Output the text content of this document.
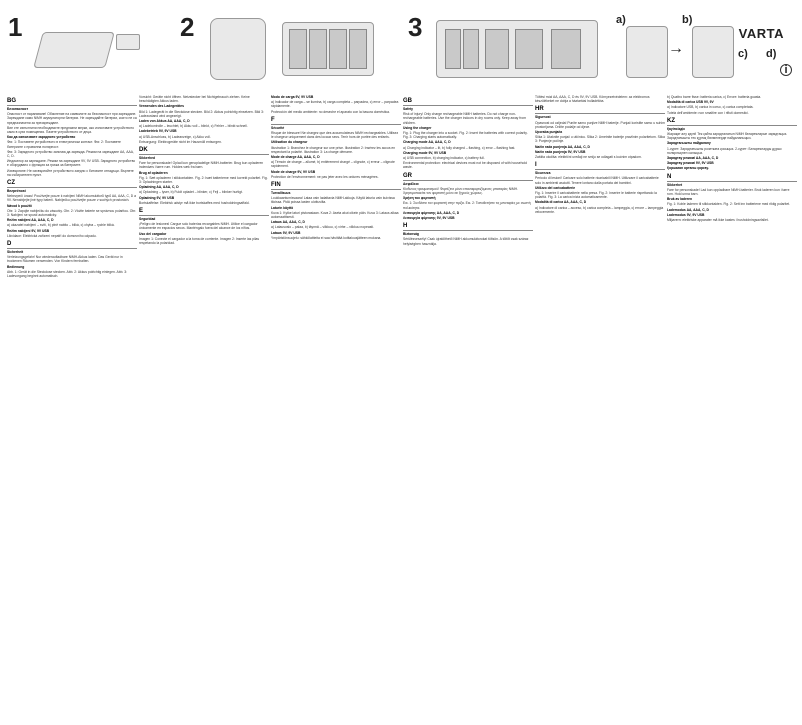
1	2	3	a)
→
b)
VARTA
c) d)
i
BG

Безопасност

Опасност от нараняване! Обяснение на символите за безопасност при зареждане. Зарежданe само NiMH акумулаторни батерии. Не зареждайте батерии, които не са предназначени за презареждане.

Вие сте изпълнили необходимите предпазни мерки, ако използвате устройството само в сухи помещения. Пазете устройството от деца.

Как да използвате зарядното устройство

Фиг. 1: Поставете устройството в електрически контакт. Фиг. 2: Поставете батериите с правилна полярност.

Фиг. 3: Зарядното устройство започва да зарежда. Режим на зареждане АА, ААА, C, D.

Индикатор за зареждане. Режим на зареждане 9V, 9V USB. Зарядното устройство е оборудвано с функция за грижа за батериите.

Изхвърляне: Не изхвърляйте устройството заедно с битовите отпадъци. Върнете на събирателен пункт.

CZ

Bezpečnost

Nebezpečí úrazu! Používejte pouze k nabíjení NiMH akumulátorů typů AA, AAA, C, D a 9V. Nenabíjejte jiné typy baterií. Nabíječku používejte pouze v suchých prostorách.

Návod k použití

Obr. 1: Zapojte nabíječku do zásuvky. Obr. 2: Vložte baterie se správnou polaritou. Obr. 3: Nabíjení se spustí automaticky.

Režim nabíjení AA, AAA, C, D

a) ukazatel nabíjení – svítí, b) plně nabito – bliká, c) chyba – rychle bliká.

Režim nabíjení 9V, 9V USB

Likvidace: Elektrická zařízení nepatří do domovního odpadu.

D

Sicherheit

Verletzungsgefahr! Nur wiederaufladbare NiMH-Akkus laden. Das Gerät nur in trockenen Räumen verwenden. Von Kindern fernhalten.

Bedienung

Abb. 1: Gerät in die Steckdose stecken. Abb. 2: Akkus polrichtig einlegen. Abb. 3: Ladevorgang beginnt automatisch.

Vorsicht: Geräte nicht öffnen. Netzstecker bei Nichtgebrauch ziehen. Keine beschädigten Akkus laden.

Verwenden des Ladegerätes

Bild 1: Ladegerät in die Steckdose stecken. Bild 2: Akkus polrichtig einsetzen. Bild 3: Ladezustand wird angezeigt.

Laden von Akkus AA, AAA, C, D

a) Ladekontrolle – leuchtet, b) Akku voll – blinkt, c) Fehler – blinkt schnell.

Ladebetrieb 9V, 9V USB

a) USB-Anschluss, b) Ladeanzeige, c) Akku voll.

Entsorgung: Elektrogeräte nicht im Hausmüll entsorgen.

DK

Sikkerhed

Fare for personskade! Oplad kun genopladelige NiMH-batterier. Brug kun opladeren indendørs i tørre rum. Holdes væk fra børn.

Brug af opladeren

Fig. 1: Sæt opladeren i stikkontakten. Fig. 2: Isæt batterierne med korrekt polaritet. Fig. 3: Opladningen starter.

Opladning AA, AAA, C, D

a) Opladning – lyser, b) Fuldt opladet – blinker, c) Fejl – blinker hurtigt.

Opladning 9V, 9V USB

Bortskaffelse: Elektrisk udstyr må ikke bortskaffes med husholdningsaffald.

E

Seguridad

¡Peligro de lesiones! Cargue solo baterías recargables NiMH. Utilice el cargador únicamente en espacios secos. Manténgalo fuera del alcance de los niños.

Uso del cargador

Imagen 1: Conecte el cargador a la toma de corriente. Imagen 2: Inserte las pilas respetando la polaridad.

Modo de carga 9V, 9V USB

a) Indicador de carga – se ilumina, b) carga completa – parpadea, c) error – parpadea rápidamente.

Protección del medio ambiente: no deseche el aparato con la basura doméstica.

F

Sécurité

Risque de blessure! Ne chargez que des accumulateurs NiMH rechargeables. Utilisez le chargeur uniquement dans des locaux secs. Tenir hors de portée des enfants.

Utilisation du chargeur

Illustration 1: Branchez le chargeur sur une prise. Illustration 2: Insérez les accus en respectant la polarité. Illustration 3: La charge démarre.

Mode de charge AA, AAA, C, D

a) Témoin de charge – allumé, b) entièrement chargé – clignote, c) erreur – clignote rapidement.

Mode de charge 9V, 9V USB

Protection de l'environnement: ne pas jeter avec les ordures ménagères.

FIN

Turvallisuus

Loukkaantumisvaara! Lataa vain ladattavia NiMH-akkuja. Käytä laturia vain kuivissa tiloissa. Pidä poissa lasten ulottuvilta.

Laturin käyttö

Kuva 1: Kytke laturi pistorasiaan. Kuva 2: Aseta akut oikein päin. Kuva 3: Lataus alkaa automaattisesti.

Lataus AA, AAA, C, D

a) Latausvalo – palaa, b) täynnä – vilkkuu, c) virhe – vilkkuu nopeasti.

Lataus 9V, 9V USB

Ympäristönsuojelu: sähkölaitteita ei saa hävittää kotitalousjätteen mukana.

GB

Safety

Risk of injury! Only charge rechargeable NiMH batteries. Do not charge non-rechargeable batteries. Use the charger indoors in dry rooms only. Keep away from children.

Using the charger

Fig. 1: Plug the charger into a socket. Fig. 2: Insert the batteries with correct polarity. Fig. 3: Charging starts automatically.

Charging mode AA, AAA, C, D

a) Charging indicator – lit, b) fully charged – flashing, c) error – flashing fast.

Charging mode 9V, 9V USB

a) USB connection, b) charging indicator, c) battery full.

Environmental protection: electrical devices must not be disposed of with household waste.

GR

Ασφάλεια

Κίνδυνος τραυματισμού! Φορτίζετε μόνο επαναφορτιζόμενες μπαταρίες NiMH. Χρησιμοποιείτε τον φορτιστή μόνο σε ξηρούς χώρους.

Χρήση του φορτιστή

Εικ. 1: Συνδέστε τον φορτιστή στην πρίζα. Εικ. 2: Τοποθετήστε τις μπαταρίες με σωστή πολικότητα.

Λειτουργία φόρτισης AA, AAA, C, D

Λειτουργία φόρτισης 9V, 9V USB

H

Biztonság

Sérülésveszély! Csak újratölthető NiMH akkumulátorokat töltsön. A töltőt csak száraz helyiségben használja.

Töltési mód AA, AAA, C, D és 9V, 9V USB. Környezetvédelem: az elektromos készülékeket ne dobja a háztartási hulladékba.

HR

Sigurnost

Opasnost od ozljeda! Punite samo punjive NiMH baterije. Punjač koristite samo u suhim prostorijama. Držite podalje od djece.

Uporaba punjača

Slika 1: Utaknite punjač u utičnicu. Slika 2: Umetnite baterije pravilnim polaritetom. Slika 3: Punjenje počinje.

Način rada punjenja AA, AAA, C, D

Način rada punjenja 9V, 9V USB

Zaštita okoliša: električni uređaji ne smiju se odlagati s kućnim otpadom.

I

Sicurezza

Pericolo di lesioni! Caricare solo batterie ricaricabili NiMH. Utilizzare il caricabatterie solo in ambienti asciutti. Tenere lontano dalla portata dei bambini.

Utilizzo del caricabatterie

Fig. 1: Inserire il caricabatterie nella presa. Fig. 2: Inserire le batterie rispettando la polarità. Fig. 3: La carica inizia automaticamente.

Modalità di carica AA, AAA, C, D

a) Indicatore di carica – acceso, b) carica completa – lampeggia, c) errore – lampeggia velocemente.

b) Quattro barre fisse: batteria carica, c) Errore: batteria guasta.

Modalità di carica USB 9V, 9V

a) Indicatore USB, b) carica in corso, c) carica completata.

Tutela dell'ambiente: non smaltire con i rifiuti domestici.

KZ

Қауіпсіздік

Жарақат алу қаупі! Тек қайта зарядталатын NiMH батареяларын зарядтаңыз. Зарядтағышты тек құрғақ бөлмелерде пайдаланыңыз.

Зарядтағышты пайдалану

1-сурет: Зарядтағышты розеткаға қосыңыз. 2-сурет: Батареяларды дұрыс полярлықпен салыңыз.

Зарядтау режимі AA, AAA, C, D

Зарядтау режимі 9V, 9V USB

Қоршаған ортаны қорғау.

N

Sikkerhet

Fare for personskade! Lad kun oppladbare NiMH-batterier. Bruk laderen kun i tørre rom. Hold unna barn.

Bruk av laderen

Fig. 1: Koble laderen til stikkontakten. Fig. 2: Sett inn batteriene med riktig polaritet.

Lademodus AA, AAA, C, D

Lademodus 9V, 9V USB

Miljøvern: elektriske apparater må ikke kastes i husholdningsavfallet.
